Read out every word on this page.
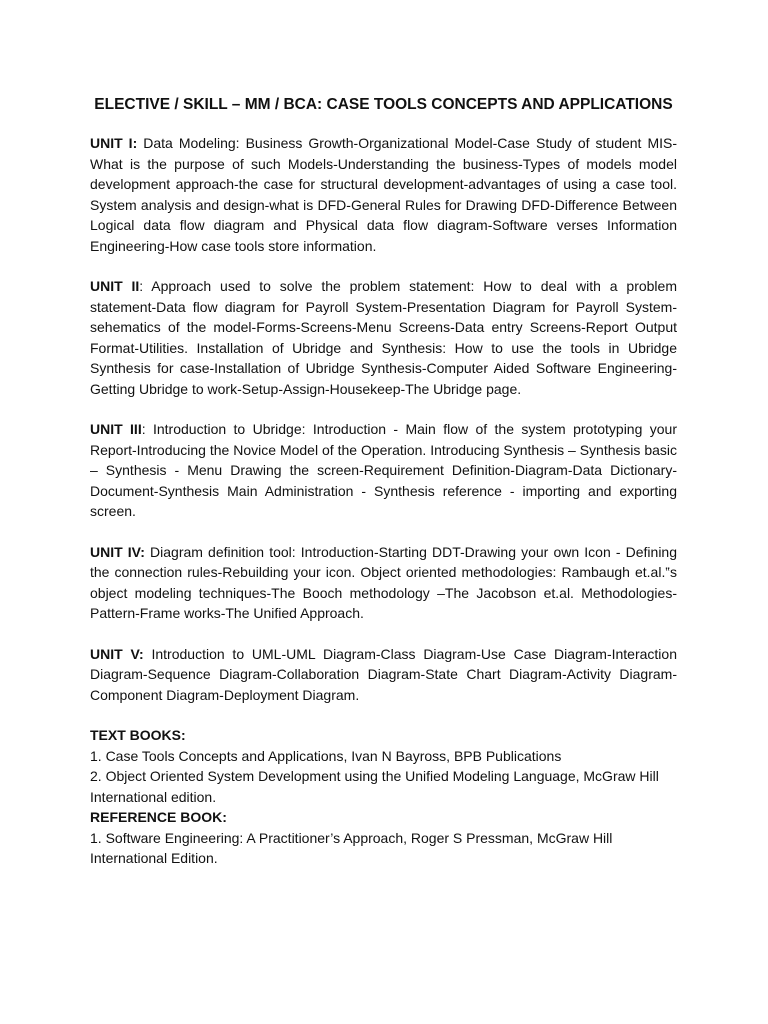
ELECTIVE / SKILL – MM / BCA: CASE TOOLS CONCEPTS AND APPLICATIONS

UNIT I: Data Modeling: Business Growth-Organizational Model-Case Study of student MIS-What is the purpose of such Models-Understanding the business-Types of models model development approach-the case for structural development-advantages of using a case tool. System analysis and design-what is DFD-General Rules for Drawing DFD-Difference Between Logical data flow diagram and Physical data flow diagram-Software verses Information Engineering-How case tools store information.

UNIT II: Approach used to solve the problem statement: How to deal with a problem statement-Data flow diagram for Payroll System-Presentation Diagram for Payroll System-sehematics of the model-Forms-Screens-Menu Screens-Data entry Screens-Report Output Format-Utilities. Installation of Ubridge and Synthesis: How to use the tools in Ubridge Synthesis for case-Installation of Ubridge Synthesis-Computer Aided Software Engineering-Getting Ubridge to work-Setup-Assign-Housekeep-The Ubridge page.

UNIT III: Introduction to Ubridge: Introduction - Main flow of the system prototyping your Report-Introducing the Novice Model of the Operation. Introducing Synthesis – Synthesis basic – Synthesis - Menu Drawing the screen-Requirement Definition-Diagram-Data Dictionary-Document-Synthesis Main Administration - Synthesis reference - importing and exporting screen.

UNIT IV: Diagram definition tool: Introduction-Starting DDT-Drawing your own Icon - Defining the connection rules-Rebuilding your icon. Object oriented methodologies: Rambaugh et.al.‟s object modeling techniques-The Booch methodology –The Jacobson et.al. Methodologies-Pattern-Frame works-The Unified Approach.

UNIT V: Introduction to UML-UML Diagram-Class Diagram-Use Case Diagram-Interaction Diagram-Sequence Diagram-Collaboration Diagram-State Chart Diagram-Activity Diagram- Component Diagram-Deployment Diagram.

TEXT BOOKS:

1. Case Tools Concepts and Applications, Ivan N Bayross, BPB Publications

2. Object Oriented System Development using the Unified Modeling Language, McGraw Hill International edition.

REFERENCE BOOK:

1. Software Engineering: A Practitioner’s Approach, Roger S Pressman, McGraw Hill International Edition.
